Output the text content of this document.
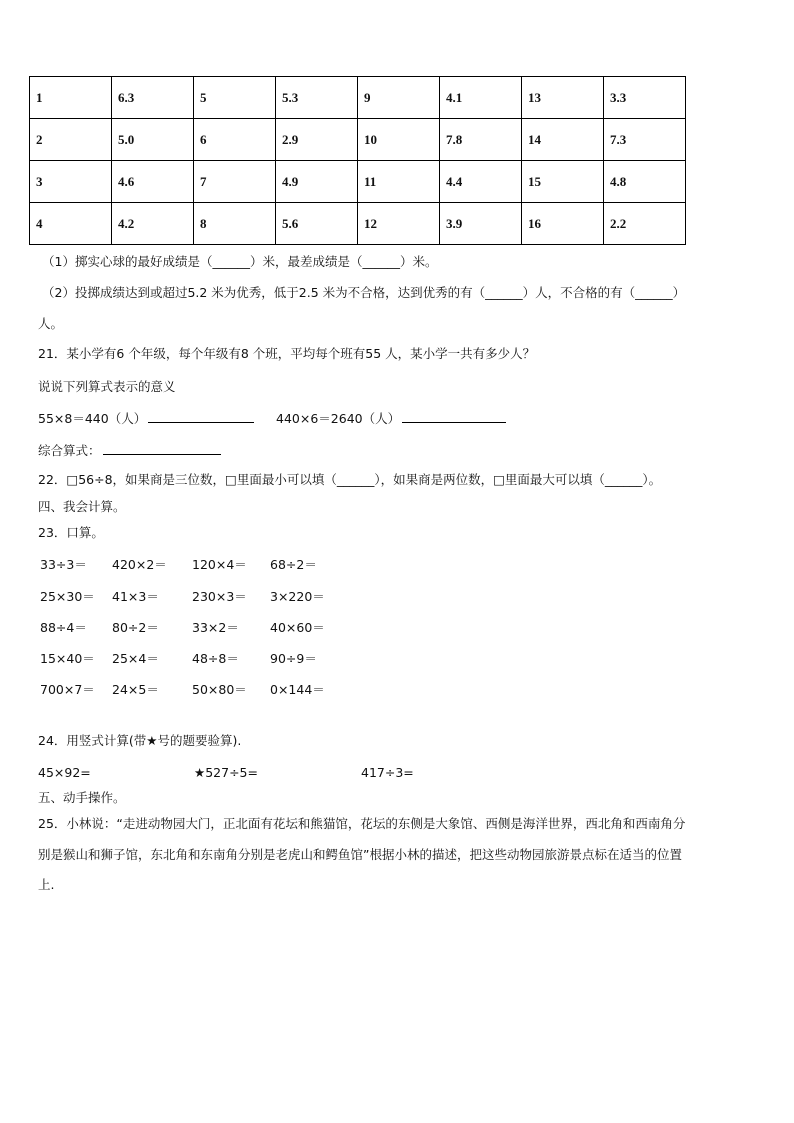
1	6.3	5	5.3	9	4.1	13	3.3
2	5.0	6	2.9	10	7.8	14	7.3
3	4.6	7	4.9	11	4.4	15	4.8
4	4.2	8	5.6	12	3.9	16	2.2
（1）掷实心球的最好成绩是（______）米，最差成绩是（______）米。
（2）投掷成绩达到或超过5.2 米为优秀，低于2.5 米为不合格，达到优秀的有（______）人，不合格的有（______）
人。
21．某小学有6 个年级，每个年级有8 个班，平均每个班有55 人，某小学一共有多少人？
说说下列算式表示的意义
55×8＝440（人）	440×6＝2640（人）
综合算式：
22．□56÷8，如果商是三位数，□里面最小可以填（______），如果商是两位数，□里面最大可以填（______）。
四、我会计算。
23．口算。
33÷3＝ 420×2＝ 120×4＝ 68÷2＝
25×30＝ 41×3＝	230×3＝ 3×220＝
88÷4＝ 80÷2＝	33×2＝ 40×60＝
15×40＝ 25×4＝	48÷8＝ 90÷9＝
700×7＝ 24×5＝	50×80＝ 0×144＝
24．用竖式计算(带★号的题要验算).
45×92=	★527÷5=	417÷3=
五、动手操作。
25．小林说：“走进动物园大门，正北面有花坛和熊猫馆，花坛的东侧是大象馆、西侧是海洋世界，西北角和西南角分
别是猴山和狮子馆，东北角和东南角分别是老虎山和鳄鱼馆”根据小林的描述，把这些动物园旅游景点标在适当的位置
上.
